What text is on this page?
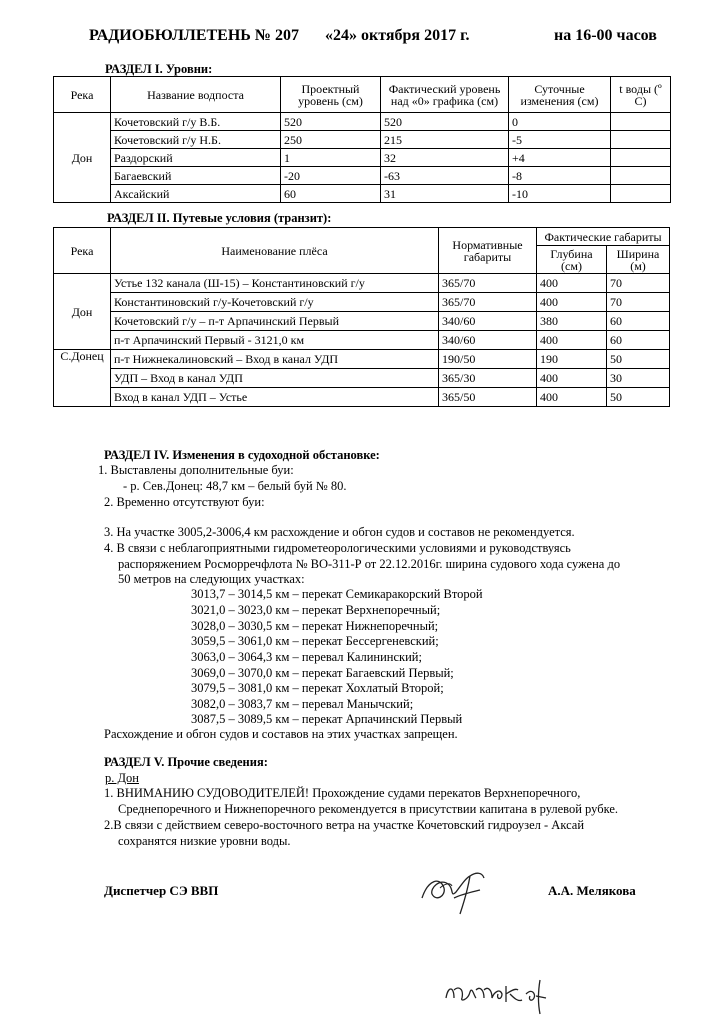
РАДИОБЮЛЛЕТЕНЬ № 207 «24» октября 2017 г.	на 16-00 часов
РАЗДЕЛ I. Уровни:
Река	Название водпоста	Проектный уровень (см)	Фактический уровень над «0» графика (см)	Суточные изменения (см)	t воды (º С)
Дон	Кочетовский г/у В.Б.	520	520	0	
	Кочетовский г/у Н.Б.	250	215	-5	
	Раздорский	1	32	+4	
	Багаевский	-20	-63	-8	
	Аксайский	60	31	-10	
РАЗДЕЛ II. Путевые условия (транзит):
Река	Наименование плёса	Нормативные габариты	Фактические габариты	
			Глубина (см)	Ширина (м)
Дон	Устье 132 канала (Ш-15) – Константиновский г/у	365/70	400	70
	Константиновский г/у-Кочетовский г/у	365/70	400	70
	Кочетовский г/у – п-т Арпачинский Первый	340/60	380	60
	п-т Арпачинский Первый - 3121,0 км	340/60	400	60
С.Донец	п-т Нижнекалиновский – Вход в канал УДП	190/50	190	50
	УДП – Вход в канал УДП	365/30	400	30
	Вход в канал УДП – Устье	365/50	400	50
РАЗДЕЛ IV. Изменения в судоходной обстановке:
1. Выставлены дополнительные буи:
- р. Сев.Донец: 48,7 км – белый буй № 80.
2. Временно отсутствуют буи:
3. На участке 3005,2-3006,4 км расхождение и обгон судов и составов не рекомендуется.
4. В связи с неблагоприятными гидрометеорологическими условиями и руководствуясь
распоряжением Росморречфлота № ВО-311-Р от 22.12.2016г. ширина судового хода сужена до
50 метров на следующих участках:
3013,7 – 3014,5 км – перекат Семикаракорский Второй
3021,0 – 3023,0 км – перекат Верхнепоречный;
3028,0 – 3030,5 км – перекат Нижнепоречный;
3059,5 – 3061,0 км – перекат Бессергеневский;
3063,0 – 3064,3 км – перевал Калининский;
3069,0 – 3070,0 км – перекат Багаевский Первый;
3079,5 – 3081,0 км – перекат Хохлатый Второй;
3082,0 – 3083,7 км – перевал Манычский;
3087,5 – 3089,5 км – перекат Арпачинский Первый
Расхождение и обгон судов и составов на этих участках запрещен.
РАЗДЕЛ V. Прочие сведения:
р. Дон
1. ВНИМАНИЮ СУДОВОДИТЕЛЕЙ! Прохождение судами перекатов Верхнепоречного,
Среднепоречного и Нижнепоречного рекомендуется в присутствии капитана в рулевой рубке.
2.В связи с действием северо-восточного ветра на участке Кочетовский гидроузел - Аксай
сохранятся низкие уровни воды.
Диспетчер СЭ ВВП	А.А. Мелякова
